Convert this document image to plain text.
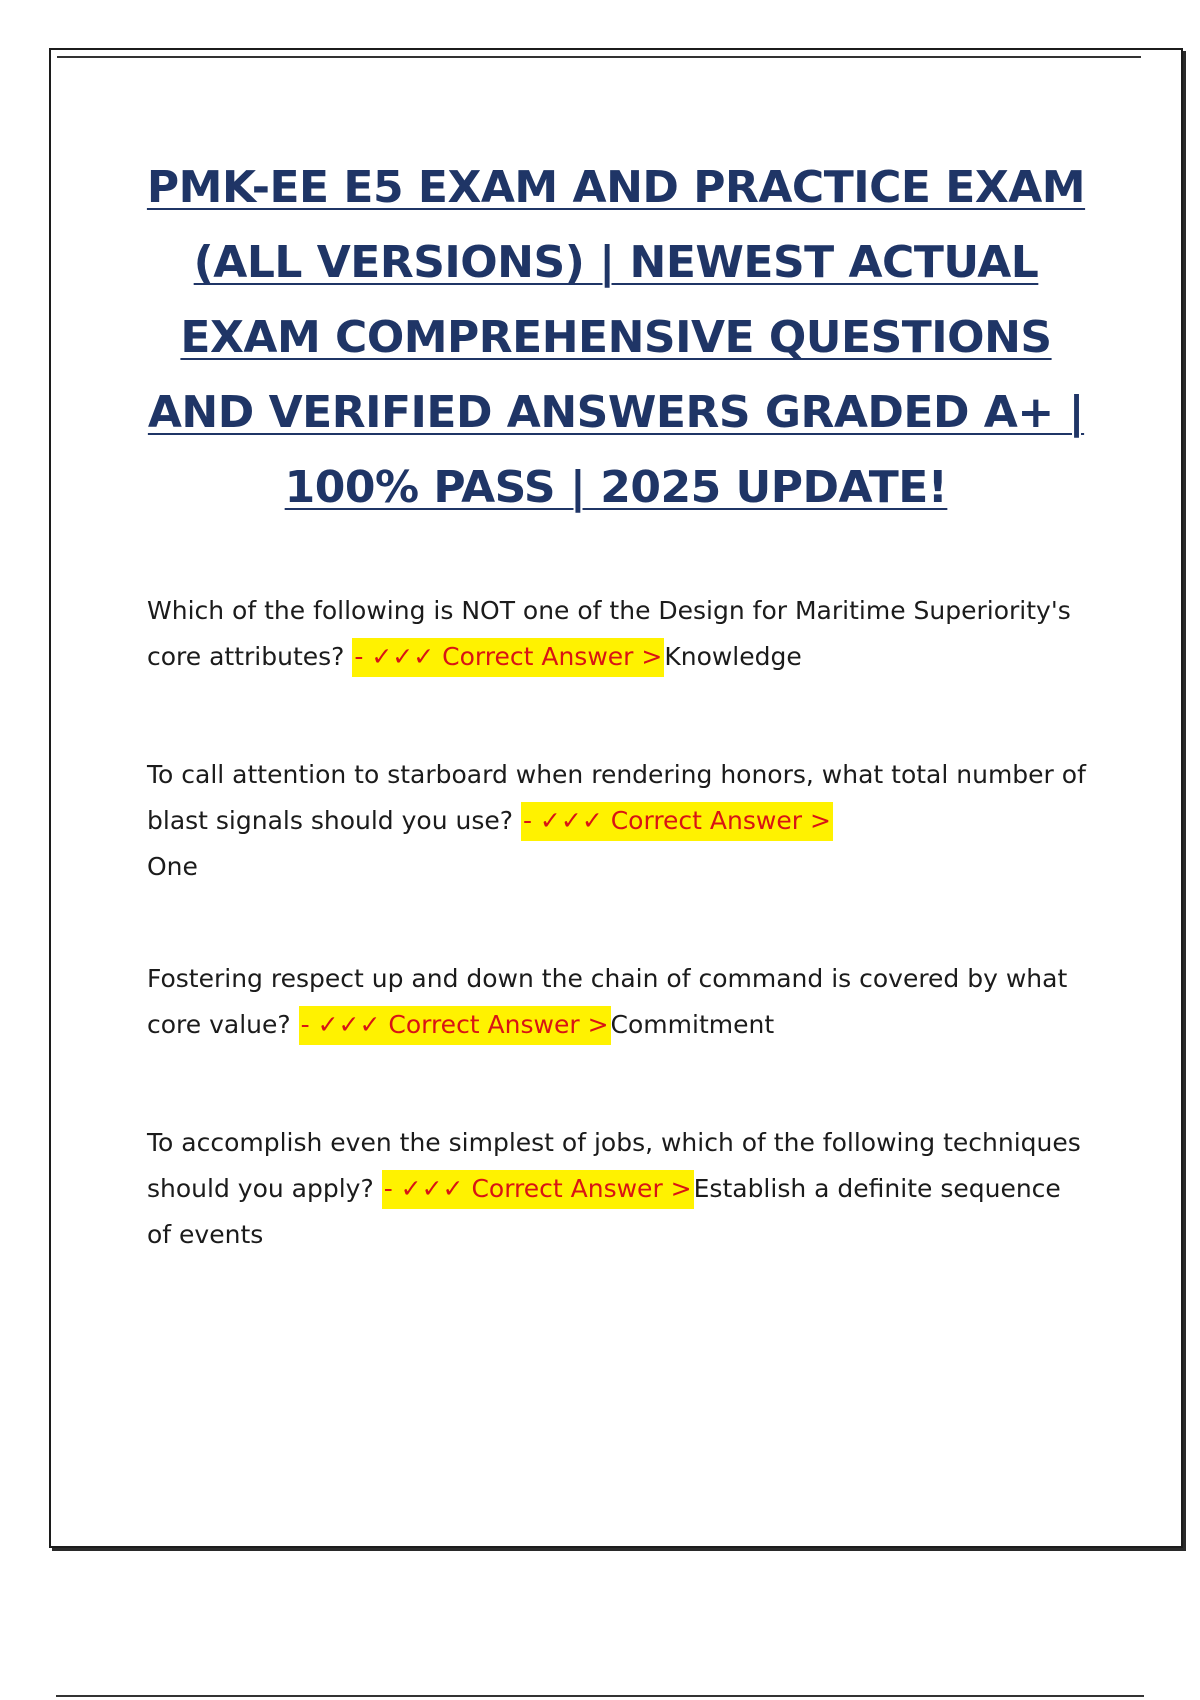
PMK-EE E5 EXAM AND PRACTICE EXAM (ALL VERSIONS) | NEWEST ACTUAL EXAM COMPREHENSIVE QUESTIONS AND VERIFIED ANSWERS GRADED A+ | 100% PASS | 2025 UPDATE!

Which of the following is NOT one of the Design for Maritime Superiority's core attributes? - ✓✓✓ Correct Answer >Knowledge

To call attention to starboard when rendering honors, what total number of blast signals should you use? - ✓✓✓ Correct Answer >
One

Fostering respect up and down the chain of command is covered by what core value? - ✓✓✓ Correct Answer >Commitment

To accomplish even the simplest of jobs, which of the following techniques should you apply? - ✓✓✓ Correct Answer >Establish a definite sequence of events
